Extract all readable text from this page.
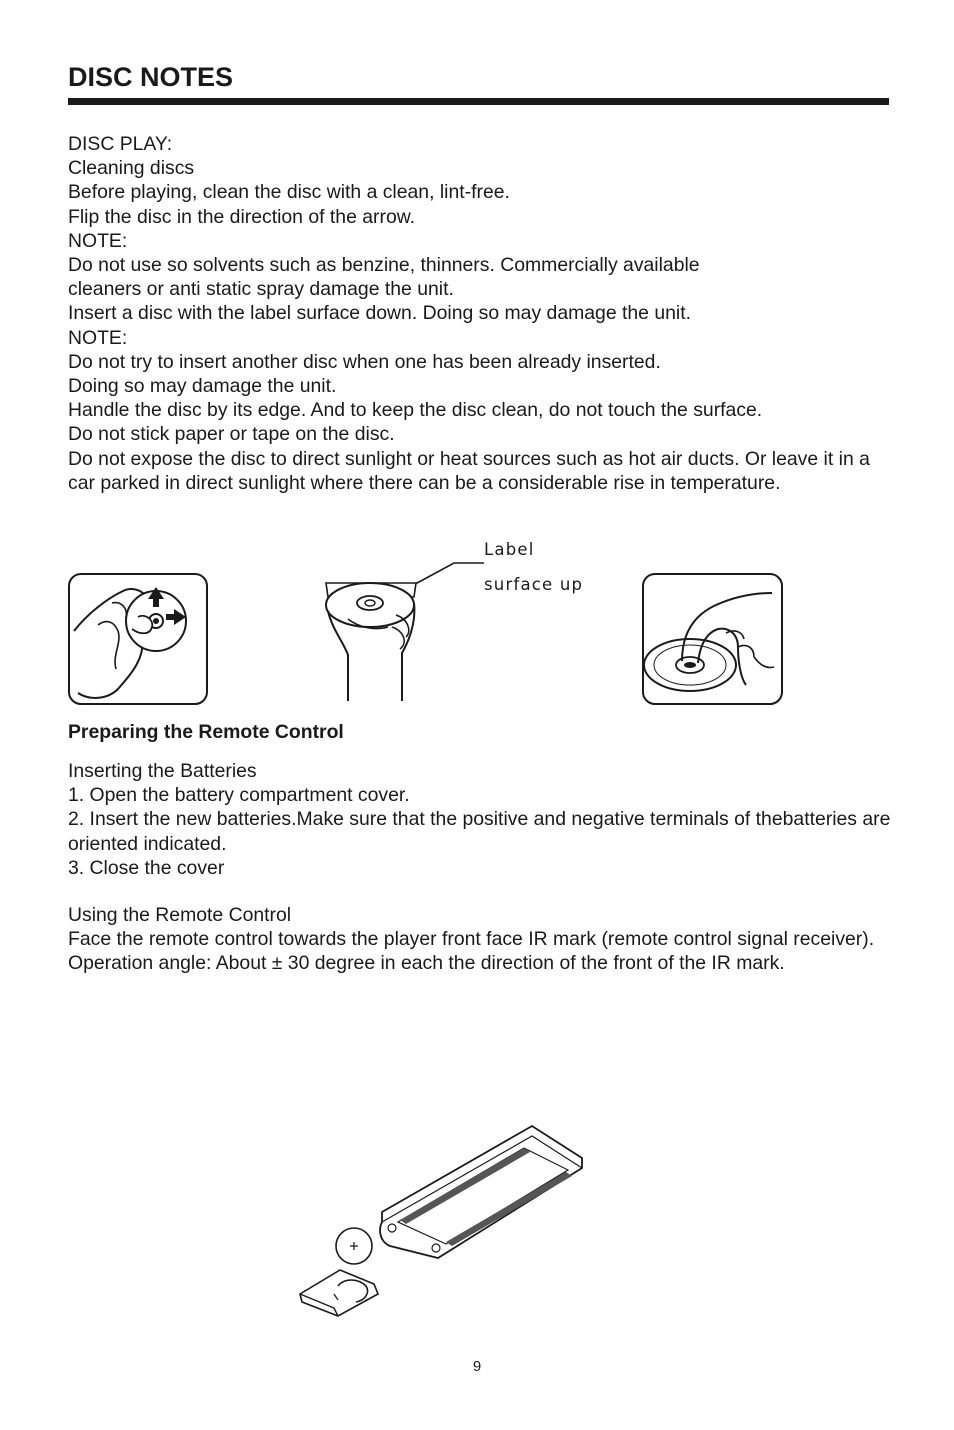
DISC NOTES
DISC PLAY:
Cleaning discs
Before playing, clean the disc with a clean, lint-free.
Flip the disc in the direction of the arrow.
NOTE:
Do not use so solvents such as benzine, thinners. Commercially available
cleaners or anti static spray damage the unit.
Insert a disc with the label surface down. Doing so may damage the unit.
NOTE:
Do not try to insert another disc when one has been already inserted.
Doing so may damage the unit.
Handle the disc by its edge. And to keep the disc clean, do not touch the surface.
Do not stick paper or tape on the disc.
Do not expose the disc to direct sunlight or heat sources such as hot air ducts. Or leave it in a car parked in direct sunlight where there can be a considerable rise in temperature.
Label
surface up
Preparing the Remote Control
Inserting the Batteries
1. Open the battery compartment cover.
2. Insert the new batteries.Make sure that the positive and negative terminals of thebatteries are oriented indicated.
3. Close the cover
Using the Remote Control
Face the remote control towards the player front face IR mark (remote control signal receiver).
Operation angle: About ± 30 degree in each the direction of the front of the IR mark.
9
